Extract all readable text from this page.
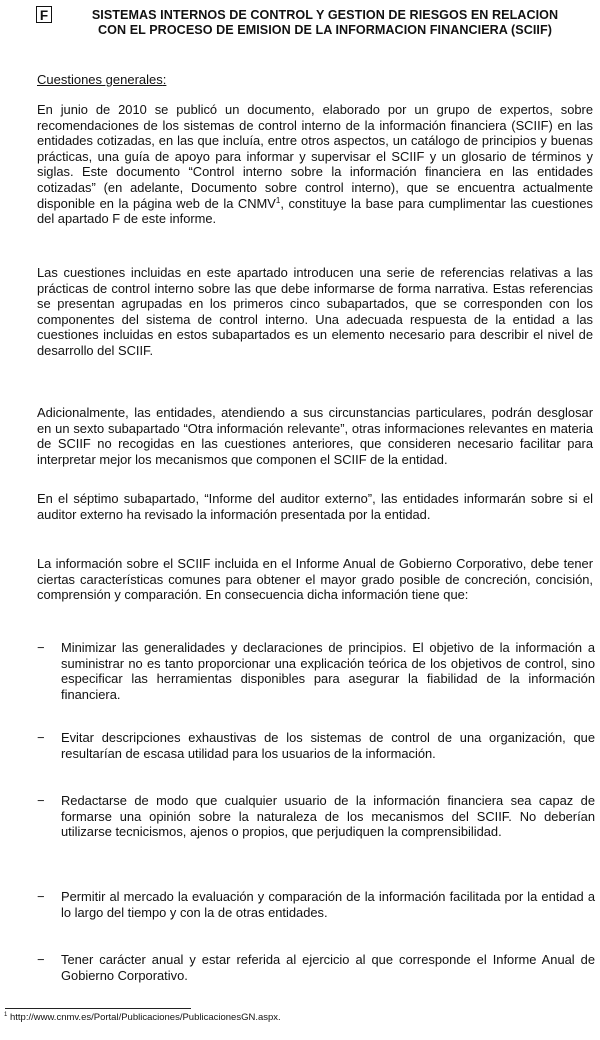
F	SISTEMAS INTERNOS DE CONTROL Y GESTION DE RIESGOS EN RELACION
CON EL PROCESO DE EMISION DE LA INFORMACION FINANCIERA (SCIIF)
Cuestiones generales:
En junio de 2010 se publicó un documento, elaborado por un grupo de expertos, sobre recomendaciones de los sistemas de control interno de la información financiera (SCIIF) en las entidades cotizadas, en las que incluía, entre otros aspectos, un catálogo de principios y buenas prácticas, una guía de apoyo para informar y supervisar el SCIIF y un glosario de términos y siglas. Este documento “Control interno sobre la información financiera en las entidades cotizadas” (en adelante, Documento sobre control interno), que se encuentra actualmente disponible en la página web de la CNMV$^1$, constituye la base para cumplimentar las cuestiones del apartado F de este informe.
Las cuestiones incluidas en este apartado introducen una serie de referencias relativas a las prácticas de control interno sobre las que debe informarse de forma narrativa. Estas referencias se presentan agrupadas en los primeros cinco subapartados, que se corresponden con los componentes del sistema de control interno. Una adecuada respuesta de la entidad a las cuestiones incluidas en estos subapartados es un elemento necesario para describir el nivel de desarrollo del SCIIF.
Adicionalmente, las entidades, atendiendo a sus circunstancias particulares, podrán desglosar en un sexto subapartado “Otra información relevante”, otras informaciones relevantes en materia de SCIIF no recogidas en las cuestiones anteriores, que consideren necesario facilitar para interpretar mejor los mecanismos que componen el SCIIF de la entidad.
En el séptimo subapartado, “Informe del auditor externo”, las entidades informarán sobre si el auditor externo ha revisado la información presentada por la entidad.
La información sobre el SCIIF incluida en el Informe Anual de Gobierno Corporativo, debe tener ciertas características comunes para obtener el mayor grado posible de concreción, concisión, comprensión y comparación. En consecuencia dicha información tiene que:
−	Minimizar las generalidades y declaraciones de principios. El objetivo de la información a suministrar no es tanto proporcionar una explicación teórica de los objetivos de control, sino especificar las herramientas disponibles para asegurar la fiabilidad de la información financiera.
−	Evitar descripciones exhaustivas de los sistemas de control de una organización, que resultarían de escasa utilidad para los usuarios de la información.
−	Redactarse de modo que cualquier usuario de la información financiera sea capaz de formarse una opinión sobre la naturaleza de los mecanismos del SCIIF. No deberían utilizarse tecnicismos, ajenos o propios, que perjudiquen la comprensibilidad.
−	Permitir al mercado la evaluación y comparación de la información facilitada por la entidad a lo largo del tiempo y con la de otras entidades.
−	Tener carácter anual y estar referida al ejercicio al que corresponde el Informe Anual de Gobierno Corporativo.
$^1$ http://www.cnmv.es/Portal/Publicaciones/PublicacionesGN.aspx.
